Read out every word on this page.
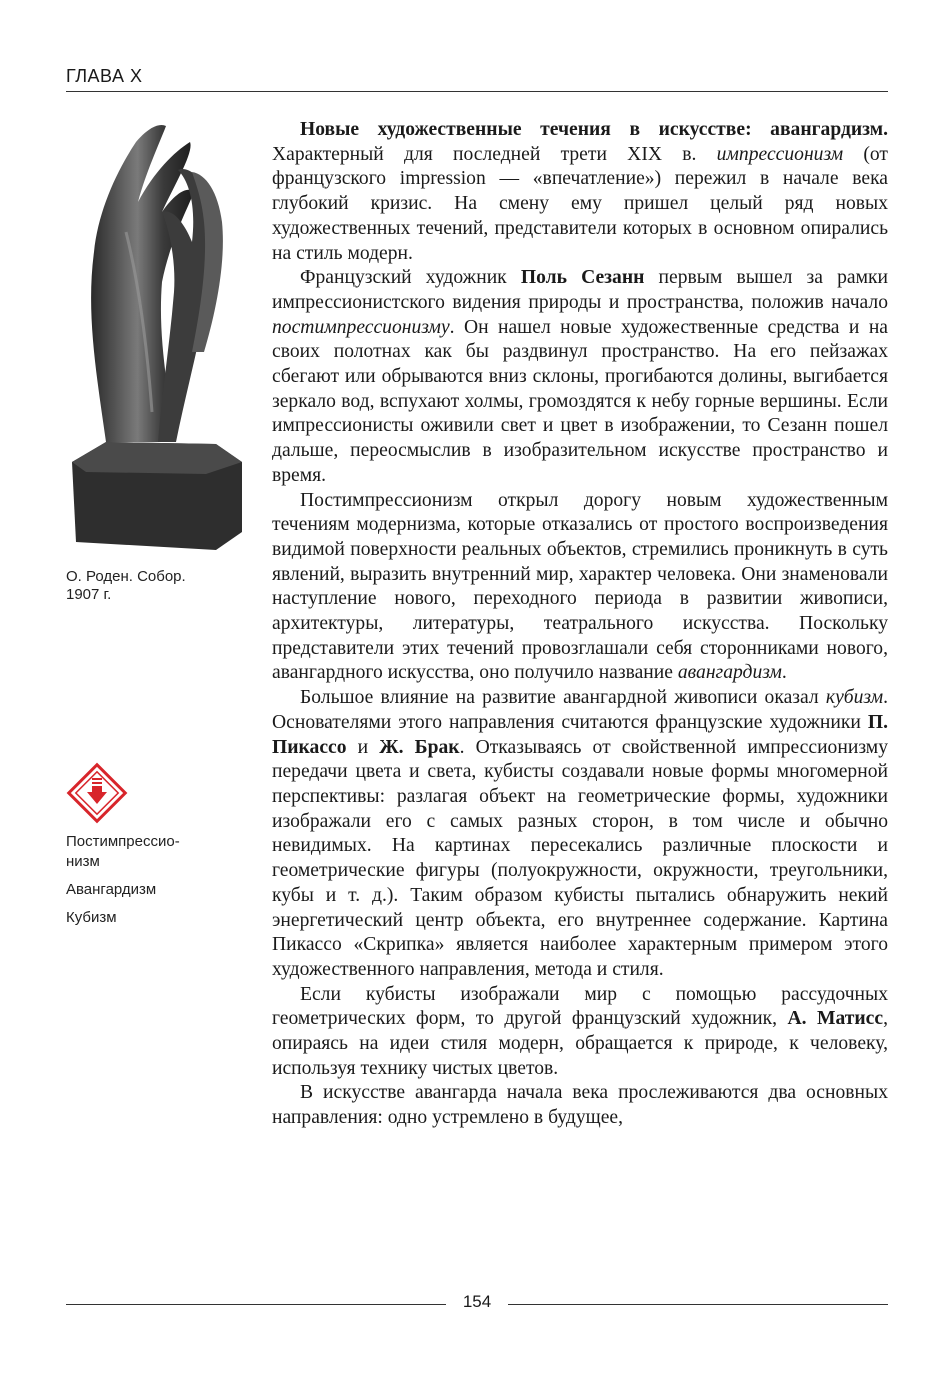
ГЛАВА X
О. Роден. Собор.
1907 г.
Постимпрессио-
низм
Авангардизм
Кубизм

Новые художественные течения в искусстве: авангардизм. Характерный для последней трети XIX в. импрессионизм (от французского impression — «впечатление») пережил в начале века глубокий кризис. На смену ему пришел целый ряд новых художественных течений, представители которых в основном опирались на стиль модерн.

Французский художник Поль Сезанн первым вышел за рамки импрессионистского видения природы и пространства, положив начало постимпрессионизму. Он нашел новые художественные средства и на своих полотнах как бы раздвинул пространство. На его пейзажах сбегают или обрываются вниз склоны, прогибаются долины, выгибается зеркало вод, вспухают холмы, громоздятся к небу горные вершины. Если импрессионисты оживили свет и цвет в изображении, то Сезанн пошел дальше, переосмыслив в изобразительном искусстве пространство и время.

Постимпрессионизм открыл дорогу новым художественным течениям модернизма, которые отказались от простого воспроизведения видимой поверхности реальных объектов, стремились проникнуть в суть явлений, выразить внутренний мир, характер человека. Они знаменовали наступление нового, переходного периода в развитии живописи, архитектуры, литературы, театрального искусства. Поскольку представители этих течений провозглашали себя сторонниками нового, авангардного искусства, оно получило название авангардизм.

Большое влияние на развитие авангардной живописи оказал кубизм. Основателями этого направления считаются французские художники П. Пикассо и Ж. Брак. Отказываясь от свойственной импрессионизму передачи цвета и света, кубисты создавали новые формы многомерной перспективы: разлагая объект на геометрические формы, художники изображали его с самых разных сторон, в том числе и обычно невидимых. На картинах пересекались различные плоскости и геометрические фигуры (полуокружности, окружности, треугольники, кубы и т. д.). Таким образом кубисты пытались обнаружить некий энергетический центр объекта, его внутреннее содержание. Картина Пикассо «Скрипка» является наиболее характерным примером этого художественного направления, метода и стиля.

Если кубисты изображали мир с помощью рассудочных геометрических форм, то другой французский художник, А. Матисс, опираясь на идеи стиля модерн, обращается к природе, к человеку, используя технику чистых цветов.

В искусстве авангарда начала века прослеживаются два основных направления: одно устремлено в будущее,

154
